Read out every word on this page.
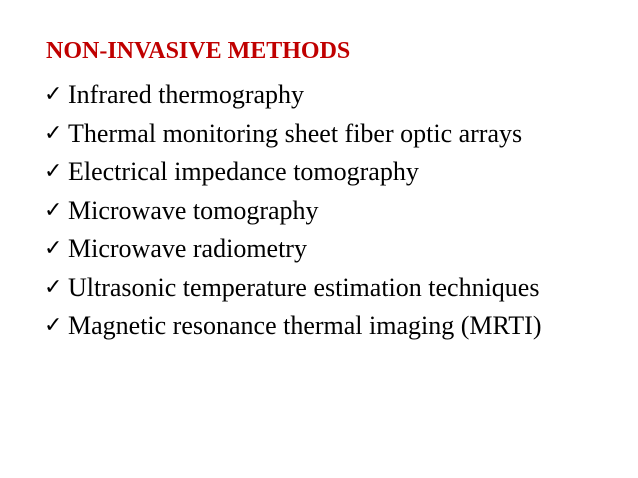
NON-INVASIVE METHODS
✓ Infrared thermography
✓ Thermal monitoring sheet fiber optic arrays
✓ Electrical impedance tomography
✓ Microwave tomography
✓ Microwave radiometry
✓ Ultrasonic temperature estimation techniques
✓ Magnetic resonance thermal imaging (MRTI)
